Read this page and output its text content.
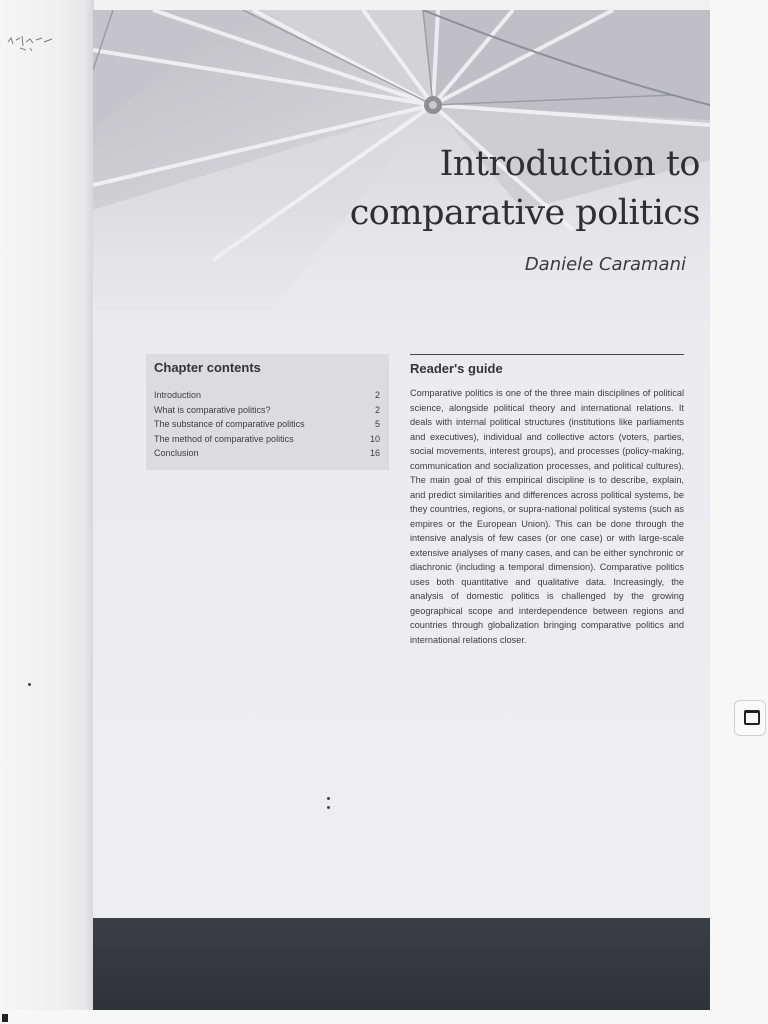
Introduction to
comparative politics

Daniele Caramani

Chapter contents
Introduction	2
What is comparative politics?	2
The substance of comparative politics	5
The method of comparative politics	10
Conclusion	16
Reader's guide

Comparative politics is one of the three main disciplines of political science, alongside political theory and international relations. It deals with internal political structures (institutions like parliaments and executives), individual and collective actors (voters, parties, social movements, interest groups), and processes (policy-making, communication and socialization processes, and political cultures). The main goal of this empirical discipline is to describe, explain, and predict similarities and differences across political systems, be they countries, regions, or supra-national political systems (such as empires or the European Union). This can be done through the intensive analysis of few cases (or one case) or with large-scale extensive analyses of many cases, and can be either synchronic or diachronic (including a temporal dimension). Comparative politics uses both quantitative and qualitative data. Increasingly, the analysis of domestic politics is challenged by the growing geographical scope and interdependence between regions and countries through globalization bringing comparative politics and international relations closer.
